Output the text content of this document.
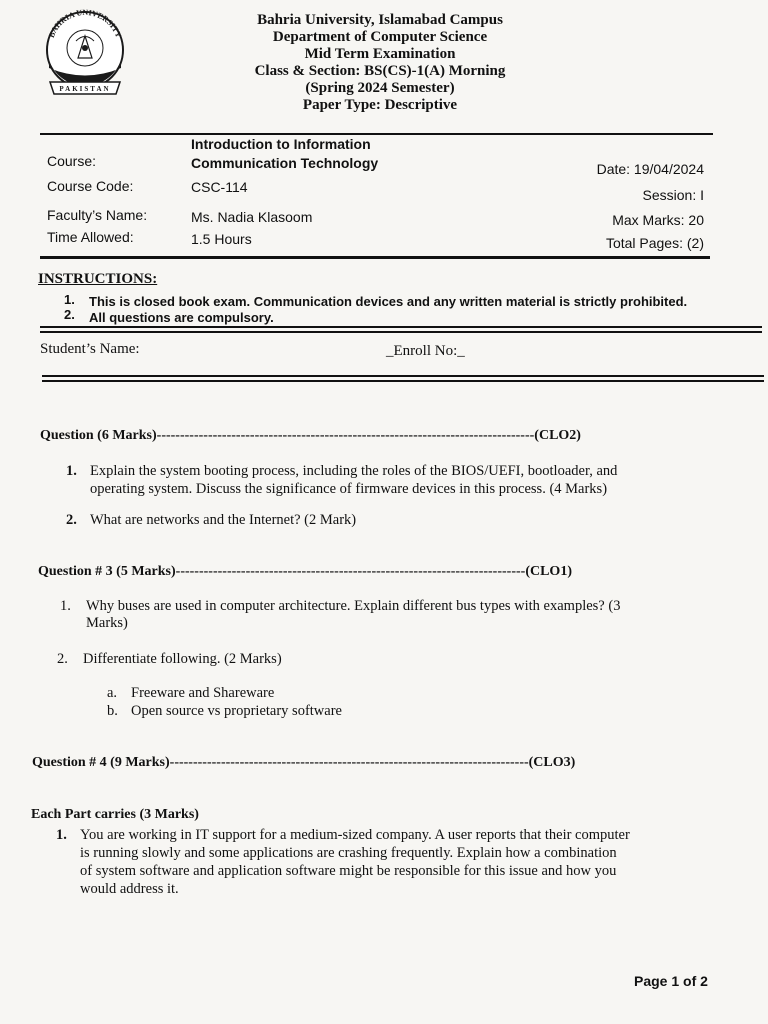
BAHRIA UNIVERSITY
PAKISTAN
Bahria University, Islamabad Campus
Department of Computer Science
Mid Term Examination
Class & Section: BS(CS)-1(A) Morning
(Spring 2024 Semester)
Paper Type: Descriptive
Introduction to Information
Course:	Communication Technology	Date: 19/04/2024
Course Code:	CSC-114	Session: I
Faculty’s Name:	Ms. Nadia Klasoom	Max Marks: 20
Time Allowed:	1.5 Hours	Total Pages: (2)
INSTRUCTIONS:
1. This is closed book exam. Communication devices and any written material is strictly prohibited.
2. All questions are compulsory.
Student’s Name:	_Enroll No:_
Question (6 Marks)---------------------------------------------------------------------------------(CLO2)
1. Explain the system booting process, including the roles of the BIOS/UEFI, bootloader, and
operating system. Discuss the significance of firmware devices in this process. (4 Marks)
2. What are networks and the Internet? (2 Mark)
Question # 3 (5 Marks)---------------------------------------------------------------------------(CLO1)
1. Why buses are used in computer architecture. Explain different bus types with examples? (3
Marks)
2. Differentiate following. (2 Marks)
a. Freeware and Shareware
b. Open source vs proprietary software
Question # 4 (9 Marks)-----------------------------------------------------------------------------(CLO3)
Each Part carries (3 Marks)
1. You are working in IT support for a medium-sized company. A user reports that their computer
is running slowly and some applications are crashing frequently. Explain how a combination
of system software and application software might be responsible for this issue and how you
would address it.
Page 1 of 2
